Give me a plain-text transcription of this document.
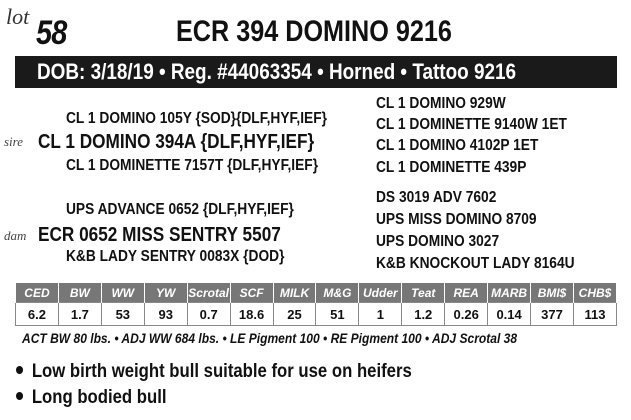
lot 58	ECR 394 DOMINO 9216
DOB: 3/18/19 • Reg. #44063354 • Horned • Tattoo 9216
CL 1 DOMINO 105Y {SOD}{DLF,HYF,IEF}
sire CL 1 DOMINO 394A {DLF,HYF,IEF}
CL 1 DOMINETTE 7157T {DLF,HYF,IEF}
UPS ADVANCE 0652 {DLF,HYF,IEF}
dam ECR 0652 MISS SENTRY 5507
K&B LADY SENTRY 0083X {DOD}
CL 1 DOMINO 929W
CL 1 DOMINETTE 9140W 1ET
CL 1 DOMINO 4102P 1ET
CL 1 DOMINETTE 439P
DS 3019 ADV 7602
UPS MISS DOMINO 8709
UPS DOMINO 3027
K&B KNOCKOUT LADY 8164U
CED	BW	WW	YW	Scrotal	SCF	MILK	M&G	Udder	Teat	REA	MARB	BMI$	CHB$
6.2	1.7	53	93	0.7	18.6	25	51	1	1.2	0.26	0.14	377	113
ACT BW 80 lbs. • ADJ WW 684 lbs. • LE Pigment 100 • RE Pigment 100 • ADJ Scrotal 38
Low birth weight bull suitable for use on heifers
Long bodied bull
